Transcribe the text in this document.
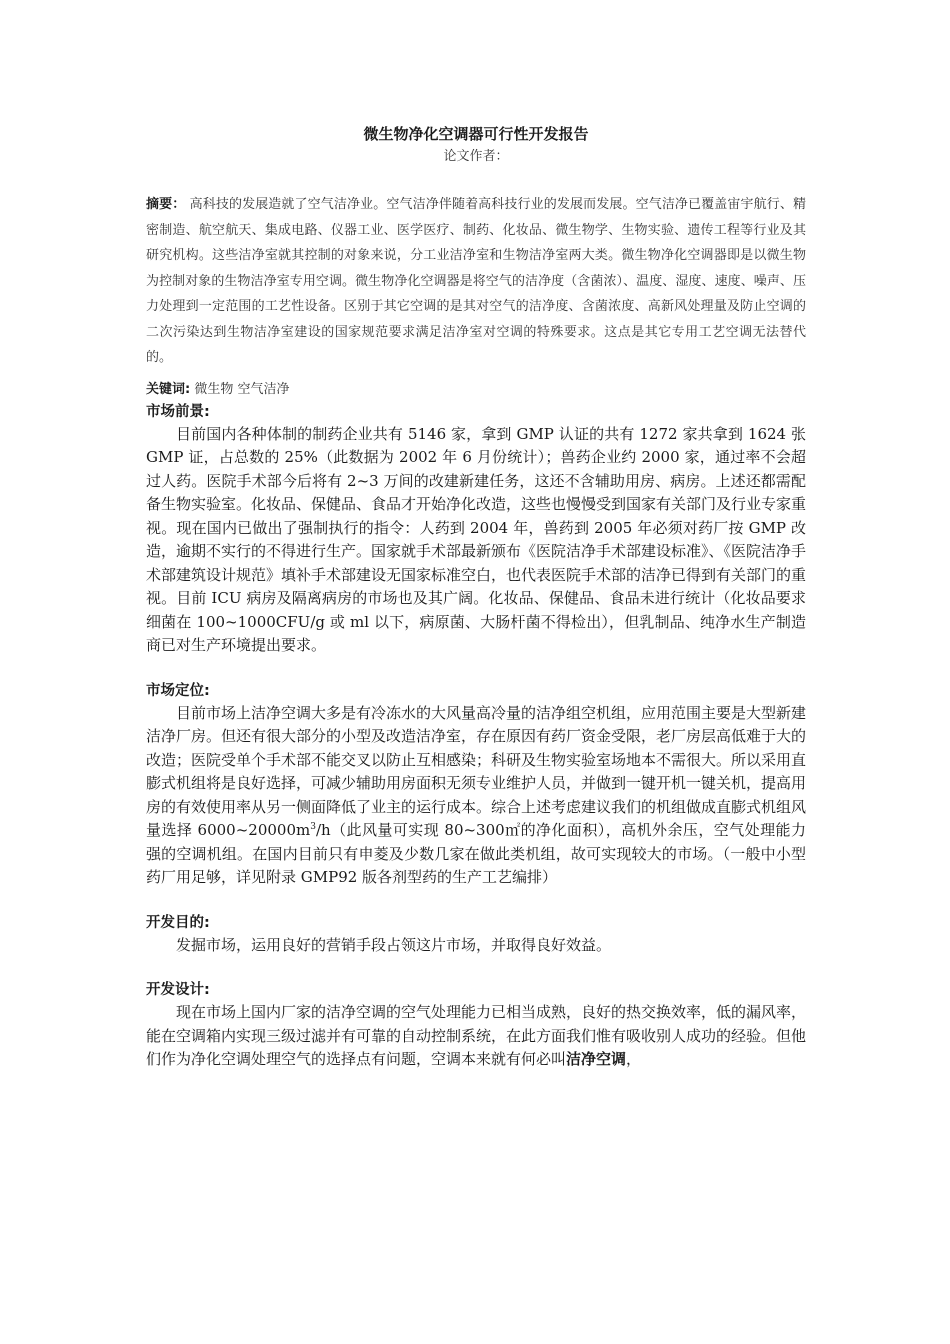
微生物净化空调器可行性开发报告

论文作者：

摘要： 高科技的发展造就了空气洁净业。空气洁净伴随着高科技行业的发展而发展。空气洁净已覆盖宙宇航行、精密制造、航空航天、集成电路、仪器工业、医学医疗、制药、化妆品、微生物学、生物实验、遗传工程等行业及其研究机构。这些洁净室就其控制的对象来说，分工业洁净室和生物洁净室两大类。微生物净化空调器即是以微生物为控制对象的生物洁净室专用空调。微生物净化空调器是将空气的洁净度（含菌浓）、温度、湿度、速度、噪声、压力处理到一定范围的工艺性设备。区别于其它空调的是其对空气的洁净度、含菌浓度、高新风处理量及防止空调的二次污染达到生物洁净室建设的国家规范要求满足洁净室对空调的特殊要求。这点是其它专用工艺空调无法替代的。

关键词: 微生物 空气洁净

市场前景:

目前国内各种体制的制药企业共有 5146 家，拿到 GMP 认证的共有 1272 家共拿到 1624 张 GMP 证，占总数的 25%（此数据为 2002 年 6 月份统计）；兽药企业约 2000 家，通过率不会超过人药。医院手术部今后将有 2~3 万间的改建新建任务，这还不含辅助用房、病房。上述还都需配备生物实验室。化妆品、保健品、食品才开始净化改造，这些也慢慢受到国家有关部门及行业专家重视。现在国内已做出了强制执行的指令：人药到 2004 年，兽药到 2005 年必须对药厂按 GMP 改造，逾期不实行的不得进行生产。国家就手术部最新颁布《医院洁净手术部建设标准》、《医院洁净手术部建筑设计规范》填补手术部建设无国家标准空白，也代表医院手术部的洁净已得到有关部门的重视。目前 ICU 病房及隔离病房的市场也及其广阔。化妆品、保健品、食品未进行统计（化妆品要求细菌在 100~1000CFU/g 或 ml 以下，病原菌、大肠杆菌不得检出），但乳制品、纯净水生产制造商已对生产环境提出要求。

市场定位:

目前市场上洁净空调大多是有冷冻水的大风量高冷量的洁净组空机组，应用范围主要是大型新建洁净厂房。但还有很大部分的小型及改造洁净室，存在原因有药厂资金受限，老厂房层高低难于大的改造；医院受单个手术部不能交叉以防止互相感染；科研及生物实验室场地本不需很大。所以采用直膨式机组将是良好选择，可减少辅助用房面积无须专业维护人员，并做到一键开机一键关机，提高用房的有效使用率从另一侧面降低了业主的运行成本。综合上述考虑建议我们的机组做成直膨式机组风量选择 $6000\sim 20000m^3/h$（此风量可实现 80~300㎡的净化面积），高机外余压，空气处理能力强的空调机组。在国内目前只有申菱及少数几家在做此类机组，故可实现较大的市场。（一般中小型药厂用足够，详见附录 GMP92 版各剂型药的生产工艺编排）

开发目的:

发掘市场，运用良好的营销手段占领这片市场，并取得良好效益。

开发设计:

现在市场上国内厂家的洁净空调的空气处理能力已相当成熟，良好的热交换效率，低的漏风率，能在空调箱内实现三级过滤并有可靠的自动控制系统，在此方面我们惟有吸收别人成功的经验。但他们作为净化空调处理空气的选择点有问题，空调本来就有何必叫洁净空调，
